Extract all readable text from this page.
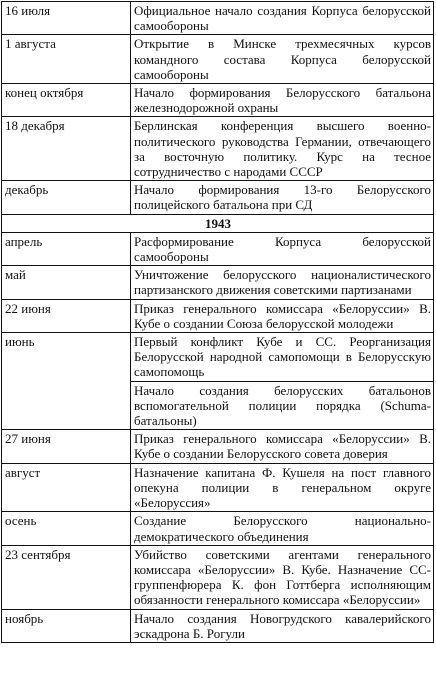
16 июля	Официальное начало создания Корпуса белорусской самообороны
1 августа	Открытие в Минске трехмесячных курсов командного состава Корпуса белорусской самообороны
конец октября	Начало формирования Белорусского батальона железнодорожной охраны
18 декабря	Берлинская конференция высшего военно-политического руководства Германии, отвечающего за восточную политику. Курс на тесное сотрудничество с народами СССР
декабрь	Начало формирования 13-го Белорусского полицейского батальона при СД
1943	
апрель	Расформирование Корпуса белорусской самообороны
май	Уничтожение белорусского националистического партизанского движения советскими партизанами
22 июня	Приказ генерального комиссара «Белоруссии» В. Кубе о создании Союза белорусской молодежи
июнь	Первый конфликт Кубе и СС. Реорганизация Белорусской народной самопомощи в Белорусскую самопомощь
	Начало создания белорусских батальонов вспомогательной полиции порядка (Schuma-батальоны)
27 июня	Приказ генерального комиссара «Белоруссии» В. Кубе о создании Белорусского совета доверия
август	Назначение капитана Ф. Кушеля на пост главного опекуна полиции в генеральном округе «Белоруссия»
осень	Создание Белорусского национально-демократического объединения
23 сентября	Убийство советскими агентами генерального комиссара «Белоруссии» В. Кубе. Назначение СС-группенфюрера К. фон Готтберга исполняющим обязанности генерального комиссара «Белоруссии»
ноябрь	Начало создания Новогрудского кавалерийского эскадрона Б. Рогули
